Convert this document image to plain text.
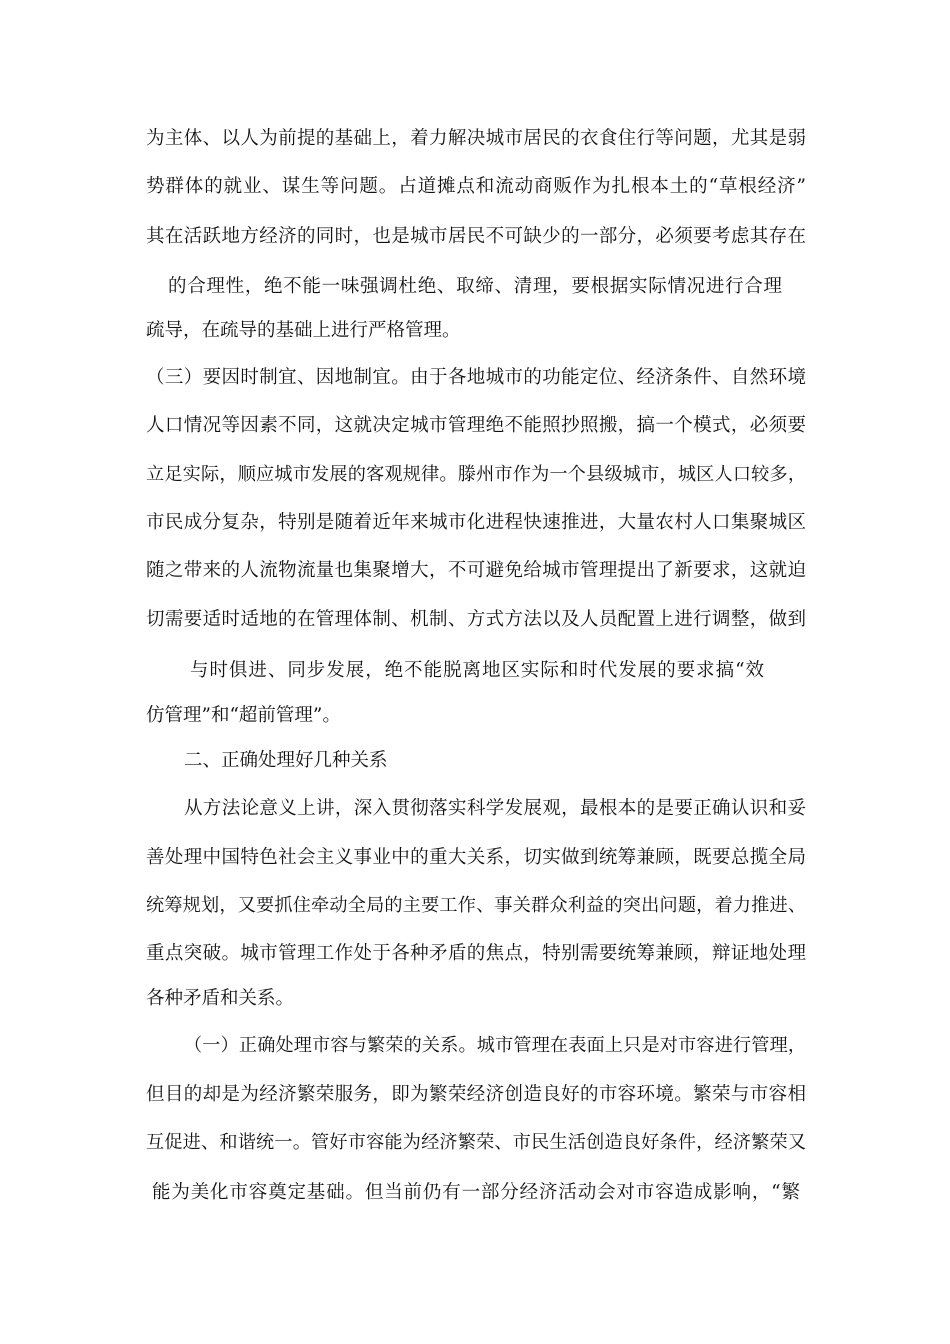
为主体、以人为前提的基础上，着力解决城市居民的衣食住行等问题，尤其是弱
势群体的就业、谋生等问题。占道摊点和流动商贩作为扎根本土的“草根经济”
其在活跃地方经济的同时，也是城市居民不可缺少的一部分，必须要考虑其存在
的合理性，绝不能一味强调杜绝、取缔、清理，要根据实际情况进行合理
疏导，在疏导的基础上进行严格管理。
（三）要因时制宜、因地制宜。由于各地城市的功能定位、经济条件、自然环境
人口情况等因素不同，这就决定城市管理绝不能照抄照搬，搞一个模式，必须要
立足实际，顺应城市发展的客观规律。滕州市作为一个县级城市，城区人口较多，
市民成分复杂，特别是随着近年来城市化进程快速推进，大量农村人口集聚城区
随之带来的人流物流量也集聚增大，不可避免给城市管理提出了新要求，这就迫
切需要适时适地的在管理体制、机制、方式方法以及人员配置上进行调整，做到
与时俱进、同步发展，绝不能脱离地区实际和时代发展的要求搞“效
仿管理”和“超前管理”。
二、正确处理好几种关系
从方法论意义上讲，深入贯彻落实科学发展观，最根本的是要正确认识和妥
善处理中国特色社会主义事业中的重大关系，切实做到统筹兼顾，既要总揽全局
统筹规划，又要抓住牵动全局的主要工作、事关群众利益的突出问题，着力推进、
重点突破。城市管理工作处于各种矛盾的焦点，特别需要统筹兼顾，辩证地处理
各种矛盾和关系。
（一）正确处理市容与繁荣的关系。城市管理在表面上只是对市容进行管理，
但目的却是为经济繁荣服务，即为繁荣经济创造良好的市容环境。繁荣与市容相
互促进、和谐统一。管好市容能为经济繁荣、市民生活创造良好条件，经济繁荣又
能为美化市容奠定基础。但当前仍有一部分经济活动会对市容造成影响，“繁
